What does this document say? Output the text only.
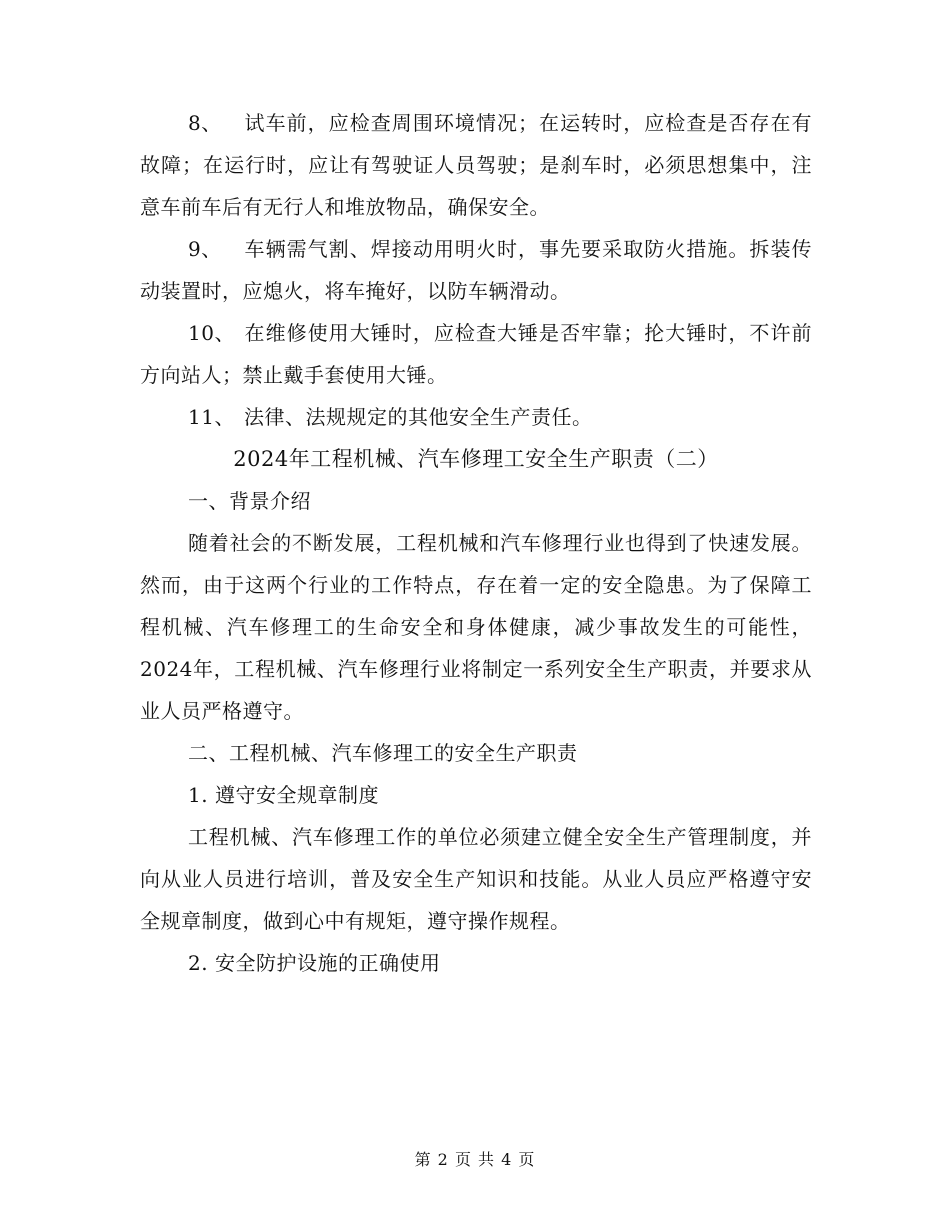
8、 试车前，应检查周围环境情况；在运转时，应检查是否存在有故障；在运行时，应让有驾驶证人员驾驶；是刹车时，必须思想集中，注意车前车后有无行人和堆放物品，确保安全。

9、 车辆需气割、焊接动用明火时，事先要采取防火措施。拆装传动装置时，应熄火，将车掩好，以防车辆滑动。

10、 在维修使用大锤时，应检查大锤是否牢靠；抡大锤时，不许前方向站人；禁止戴手套使用大锤。

11、 法律、法规规定的其他安全生产责任。

2024年工程机械、汽车修理工安全生产职责（二）

一、背景介绍

随着社会的不断发展，工程机械和汽车修理行业也得到了快速发展。然而，由于这两个行业的工作特点，存在着一定的安全隐患。为了保障工程机械、汽车修理工的生命安全和身体健康，减少事故发生的可能性，2024年，工程机械、汽车修理行业将制定一系列安全生产职责，并要求从业人员严格遵守。

二、工程机械、汽车修理工的安全生产职责

1. 遵守安全规章制度

工程机械、汽车修理工作的单位必须建立健全安全生产管理制度，并向从业人员进行培训，普及安全生产知识和技能。从业人员应严格遵守安全规章制度，做到心中有规矩，遵守操作规程。

2. 安全防护设施的正确使用

第 2 页 共 4 页
